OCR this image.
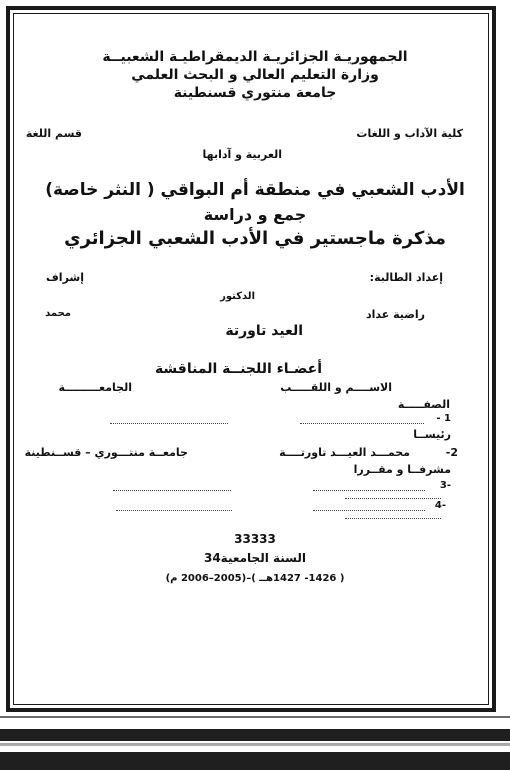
الجمهوريـة الجزائريـة الديمقراطيـة الشعبيــة
وزارة التعليم العالي و البحث العلمي
جامعة منتوري قسنطينة
كلية الآداب و اللغات
قسم اللغة
العربية و آدابها
الأدب الشعبي في منطقة أم البواقي ( النثر خاصة)
جمع و دراسة
مذكرة ماجستير في الأدب الشعبي الجزائري
إعداد الطالبة:
إشراف
الدكتور
راضية عداد
محمد
العيد تاورتة
أعضـاء اللجنــة المناقشة
الاســــم و اللقـــــب
الجامعـــــــــة
الصفـــــة
1 -
رئيســا
2-
محمـــد العيـــد تاورتــــة
جامعــة منتـــوري – قســنطينة
مشرفــا و مقــررا
-3
-4
33333
السنة الجامعية34
( 1426- 1427هــ )–(2005–2006 م)
